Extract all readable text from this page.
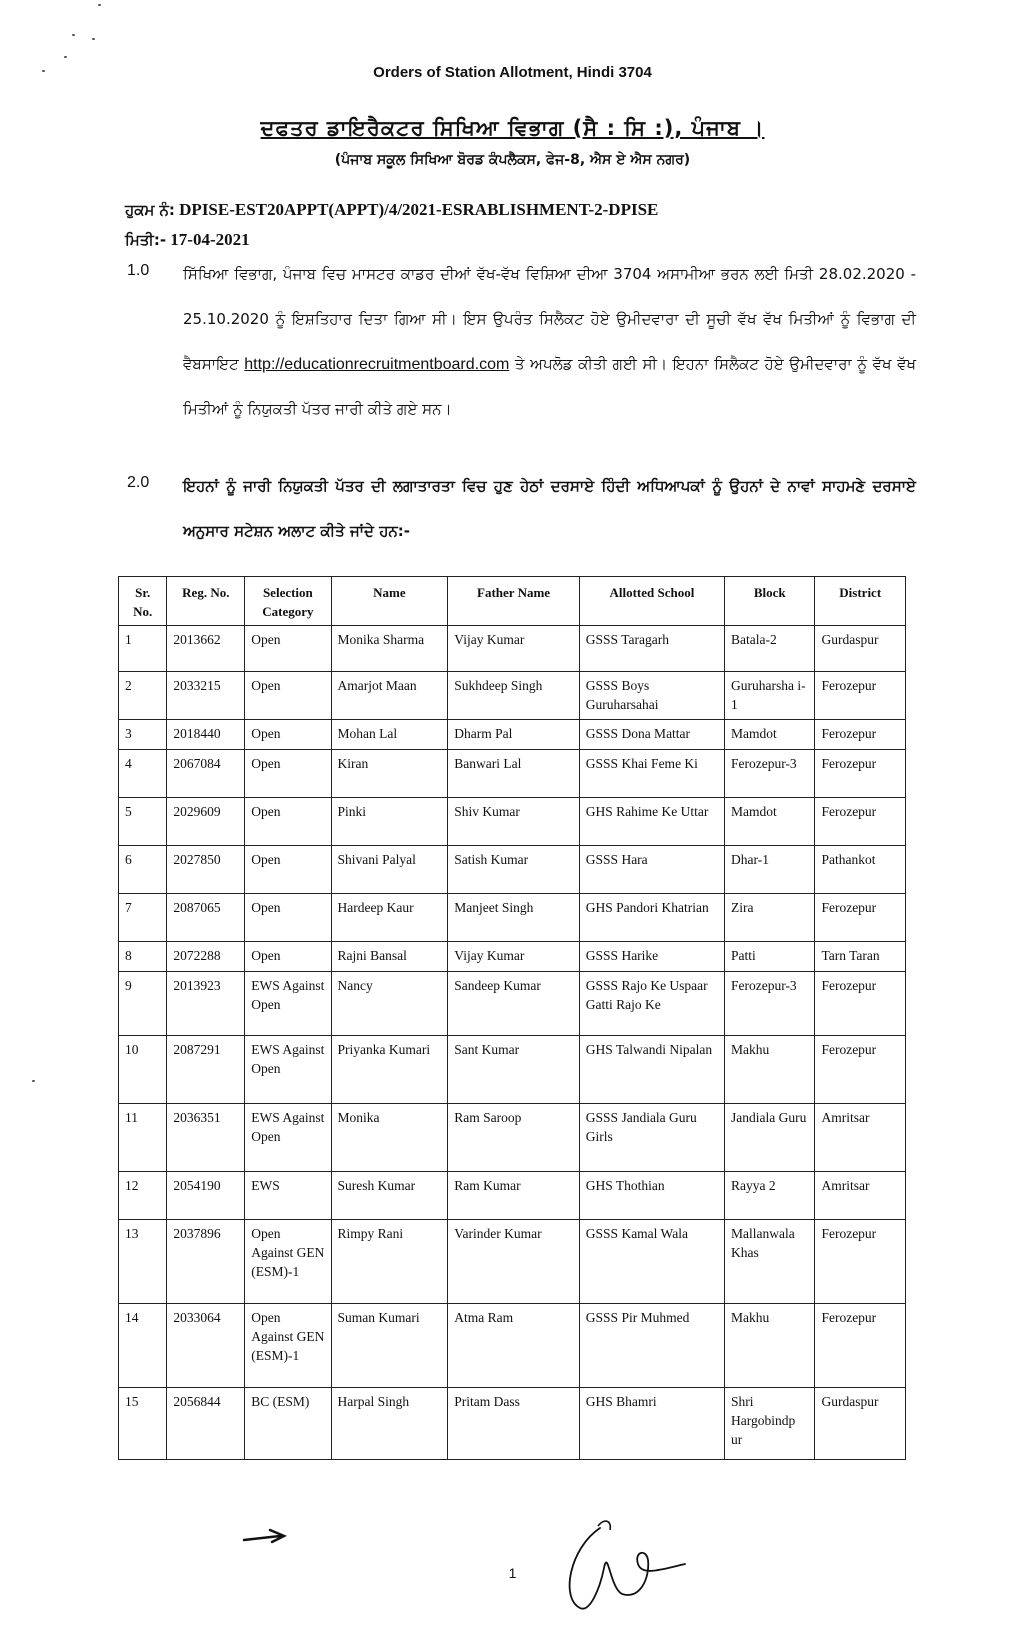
Orders of Station Allotment, Hindi 3704
ਦਫਤਰ ਡਾਇਰੈਕਟਰ ਸਿਖਿਆ ਵਿਭਾਗ (ਸੈ : ਸਿ :), ਪੰਜਾਬ ।
(ਪੰਜਾਬ ਸਕੂਲ ਸਿਖਿਆ ਬੋਰਡ ਕੰਪਲੈਕਸ, ਫੇਜ-8, ਐਸ ਏ ਐਸ ਨਗਰ)
ਹੁਕਮ ਨੰ: DPISE-EST20APPT(APPT)/4/2021-ESRABLISHMENT-2-DPISE
ਮਿਤੀ:- 17-04-2021
1.0 ਸਿੱਖਿਆ ਵਿਭਾਗ, ਪੰਜਾਬ ਵਿਚ ਮਾਸਟਰ ਕਾਡਰ ਦੀਆਂ ਵੱਖ-ਵੱਖ ਵਿਸ਼ਿਆ ਦੀਆ 3704 ਅਸਾਮੀਆ ਭਰਨ ਲਈ ਮਿਤੀ 28.02.2020 - 25.10.2020 ਨੂੰ ਇਸ਼ਤਿਹਾਰ ਦਿਤਾ ਗਿਆ ਸੀ। ਇਸ ਉਪਰੰਤ ਸਿਲੈਕਟ ਹੋਏ ਉਮੀਦਵਾਰਾ ਦੀ ਸੂਚੀ ਵੱਖ ਵੱਖ ਮਿਤੀਆਂ ਨੂੰ ਵਿਭਾਗ ਦੀ ਵੈਬਸਾਇਟ http://educationrecruitmentboard.com ਤੇ ਅਪਲੋਡ ਕੀਤੀ ਗਈ ਸੀ। ਇਹਨਾ ਸਿਲੈਕਟ ਹੋਏ ਉਮੀਦਵਾਰਾ ਨੂੰ ਵੱਖ ਵੱਖ ਮਿਤੀਆਂ ਨੂੰ ਨਿਯੁਕਤੀ ਪੱਤਰ ਜਾਰੀ ਕੀਤੇ ਗਏ ਸਨ।
2.0 ਇਹਨਾਂ ਨੂੰ ਜਾਰੀ ਨਿਯੁਕਤੀ ਪੱਤਰ ਦੀ ਲਗਾਤਾਰਤਾ ਵਿਚ ਹੁਣ ਹੇਠਾਂ ਦਰਸਾਏ ਹਿੰਦੀ ਅਧਿਆਪਕਾਂ ਨੂੰ ਉਹਨਾਂ ਦੇ ਨਾਵਾਂ ਸਾਹਮਣੇ ਦਰਸਾਏ ਅਨੁਸਾਰ ਸਟੇਸ਼ਨ ਅਲਾਟ ਕੀਤੇ ਜਾਂਦੇ ਹਨ:-
Sr. No.	Reg. No.	Selection Category	Name	Father Name	Allotted School	Block	District
1	2013662	Open	Monika Sharma	Vijay Kumar	GSSS Taragarh	Batala-2	Gurdaspur
2	2033215	Open	Amarjot Maan	Sukhdeep Singh	GSSS Boys Guruharsahai	Guruharsha i-1	Ferozepur
3	2018440	Open	Mohan Lal	Dharm Pal	GSSS Dona Mattar	Mamdot	Ferozepur
4	2067084	Open	Kiran	Banwari Lal	GSSS Khai Feme Ki	Ferozepur-3	Ferozepur
5	2029609	Open	Pinki	Shiv Kumar	GHS Rahime Ke Uttar	Mamdot	Ferozepur
6	2027850	Open	Shivani Palyal	Satish Kumar	GSSS Hara	Dhar-1	Pathankot
7	2087065	Open	Hardeep Kaur	Manjeet Singh	GHS Pandori Khatrian	Zira	Ferozepur
8	2072288	Open	Rajni Bansal	Vijay Kumar	GSSS Harike	Patti	Tarn Taran
9	2013923	EWS Against Open	Nancy	Sandeep Kumar	GSSS Rajo Ke Uspaar Gatti Rajo Ke	Ferozepur-3	Ferozepur
10	2087291	EWS Against Open	Priyanka Kumari	Sant Kumar	GHS Talwandi Nipalan	Makhu	Ferozepur
11	2036351	EWS Against Open	Monika	Ram Saroop	GSSS Jandiala Guru Girls	Jandiala Guru	Amritsar
12	2054190	EWS	Suresh Kumar	Ram Kumar	GHS Thothian	Rayya 2	Amritsar
13	2037896	Open Against GEN (ESM)-1	Rimpy Rani	Varinder Kumar	GSSS Kamal Wala	Mallanwala Khas	Ferozepur
14	2033064	Open Against GEN (ESM)-1	Suman Kumari	Atma Ram	GSSS Pir Muhmed	Makhu	Ferozepur
15	2056844	BC (ESM)	Harpal Singh	Pritam Dass	GHS Bhamri	Shri Hargobindp ur	Gurdaspur
1
